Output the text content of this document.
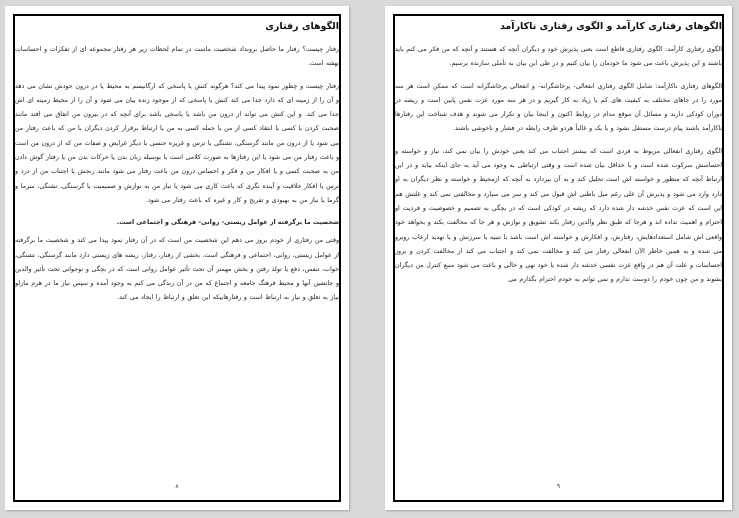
الگوهای رفتاری

رفتار چیست؟ رفتار ما حاصل برونداد شخصیت ماست در تمام لحظات زیر هر رفتار مجموعه ای از تفکرات و احساسات نهفته است.

رفتار چیست و چطور نمود پیدا می کند؟ هرگونه کنش یا پاسخی که ارگانیسم به محیط یا در درون خودش نشان می دهد و آن را از زمینه ای که دارد جدا می کند کنش یا پاسخی که از موجود زنده بیان می شود و آن را از محیط زمینه ای اش جدا می کند. و این کنش می تواند از درون من باشد یا پاسخی باشد برای آنچه که در بیرون من اتفاق می افتد مانند صحبت کردن یا کسی یا انتقاد کسی از من یا حمله کسی به من یا ارتباط برقرار کردن دیگران با من که باعث رفتار من می شود یا از درون من مانند گرسنگی، تشنگی یا ترس و غریزه جنسی یا دیگر غرایض و صفات من که از درون من است و باعث رفتار من می شود یا این رفتارها به صورت کلامی است یا بوسیله زبان بدن یا حرکات بدن من یا رفتار گوش دادن من به صحبت کسی و یا افکار من و فکر و احساس درون من باعث رفتار می شود مانند رنجش یا اجتناب من از درد و ترس یا افکار خلاقیت و آینده نگری که باعث کاری می شود یا نیاز من به نوازش و صمیمیت یا گرسنگی، تشنگی، سرما و گرما یا نیاز من به بهبودی و تفریح و کار و غیره که باعث رفتار می شود.

شخصیت ما برگرفته از عوامل زیستی- روانی- فرهنگی و اجتماعی است.

وقتی من رفتاری از خودم بروز می دهم این شخصیت من است که در آن رفتار نمود پیدا می کند و شخصیت ما برگرفته از عوامل زیستی، روانی، اجتماعی و فرهنگی است. بخشی از رفتار، رفتار، ریشه های زیستی دارد مانند گرسنگی، تشنگی، خواب، تنفس، دفع یا تولد رفتن و بخش مهمتر آن تحت تأثیر عوامل روانی است که در بچگی و نوجوانی تحت تأثیر والدین و جانشین آنها و محیط فرهنگ جامعه و اجتماع که من در آن زندگی می کنم به وجود آمده و سپس نیاز ما در هرم مازلو نیاز به تعلق و نیاز به ارتباط است و رفتارهاییکه این تعلق و ارتباط را ایجاد می کند.

۸
الگوهای رفتاری کارآمد و الگوی رفتاری ناکارآمد

الگوی رفتاری کارآمد: الگوی رفتاری قاطع است یعنی پذیرش خود و دیگران آنچه که هستند و آنچه که من فکر می کنم باید باشند و این پذیرش باعث می شود ما خودمان را بیان کنیم و در طی این بیان به تأملی سازنده برسیم.

الگوهای رفتاری ناکارآمد: شامل الگوی رفتاری انفعالی- پرخاشگرانه- و انفعالی پرخاشگرانه است که ممکن است هر سه مورد را در جاهای مختلف به کیفیت های کم یا زیاد به کار گیریم و در هر سه مورد عزت نفس پایین است و ریشه در دوران کودکی دارند و مسائل آن موقع مدام در روابط اکنون و اینجا بیان و تکرار می شوند و هدف شناخت این رفتارها ناکارآمد باشند پیام درست مستقل نشود و یا یک و غالباً هردو طرف رابطه در فشار و ناخوشی باشند.

الگوی رفتاری انفعالی مربوط به فردی است که بیشتر اجتناب می کند یعنی خودش را بیان نمی کند، نیاز و خواسته و احساسش سرکوب شده است و با حداقل بیان شده است و وقتی ارتباطی به وجود می آید به جای اینکه بیاید و در این ارتباط آنچه که منظور و خواسته اش است تحلیل کند و به آن بپردازد به آنچه که ازمحیط و خواسته و نظر دیگران به او دارد وارد می شود و پذیرش آن علی رغم میل باطنی اش قبول می کند و سر می سپارد و مخالفتی نمی کند و علتش هم این است که عزت نفس خدشه دار شده دارد که ریشه در کودکی است که در بچگی به تصمیم و خصوصیت و فردیت او احترام و اهمیت نداده اند و هرجا که طبق نظر والدین رفتار بکند تشویق و نوازش و هر جا که مخالفت بکند و بخواهد خود واقعی اش شامل استعدادهایش، رفتارش، و افکارش و خواسته اش است باشد با تنبیه یا سرزنش و یا تهدید ارعاب روبرو می شده و به همین خاطر الآن انفعالی رفتار می کند و مخالفت نمی کند و اجتناب می کند از مخالفت کردن و بروز احساسات و علت آن هم در واقع عزت نفسی خدشه دار شده یا خود تهی و خالی و باعث می شود منبع کنترل من دیگران بشوند و من چون خودم را دوست ندارم و نمی توانم به خودم احترام بگذارم می

۹
